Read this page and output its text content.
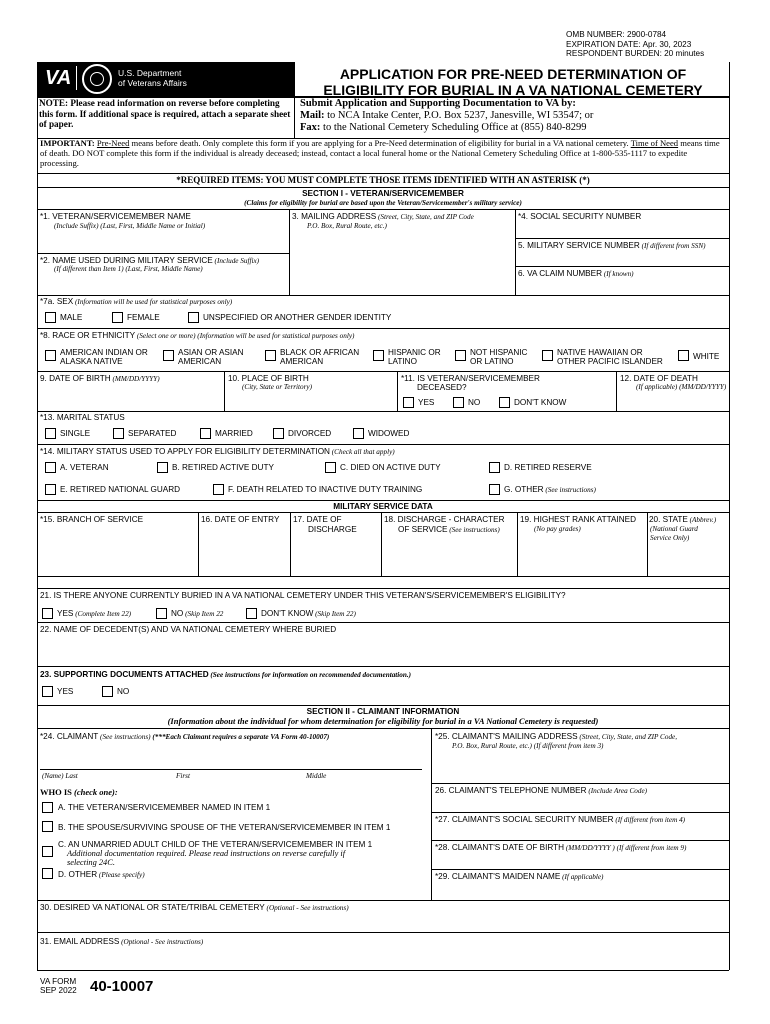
OMB NUMBER: 2900-0784
EXPIRATION DATE: Apr. 30, 2023
RESPONDENT BURDEN: 20 minutes
VA	U.S. Department
of Veterans Affairs
APPLICATION FOR PRE-NEED DETERMINATION OF
ELIGIBILITY FOR BURIAL IN A VA NATIONAL CEMETERY
NOTE: Please read information on reverse before completing this form. If additional space is required, attach a separate sheet of paper.
Submit Application and Supporting Documentation to VA by:
Mail: to NCA Intake Center, P.O. Box 5237, Janesville, WI 53547; or
Fax: to the National Cemetery Scheduling Office at (855) 840-8299
IMPORTANT: Pre-Need means before death. Only complete this form if you are applying for a Pre-Need determination of eligibility for burial in a VA national cemetery. Time of Need means time of death. DO NOT complete this form if the individual is already deceased; instead, contact a local funeral home or the National Cemetery Scheduling Office at 1-800-535-1117 to expedite processing.
*REQUIRED ITEMS: YOU MUST COMPLETE THOSE ITEMS IDENTIFIED WITH AN ASTERISK (*)
SECTION I - VETERAN/SERVICEMEMBER
(Claims for eligibility for burial are based upon the Veteran/Servicemember's military service)
*1. VETERAN/SERVICEMEMBER NAME
(Include Suffix) (Last, First, Middle Name or Initial)
3. MAILING ADDRESS (Street, City, State, and ZIP Code
P.O. Box, Rural Route, etc.)
*4. SOCIAL SECURITY NUMBER
5. MILITARY SERVICE NUMBER (If different from SSN)
*2. NAME USED DURING MILITARY SERVICE (Include Suffix)
(If different than Item 1) (Last, First, Middle Name)	6. VA CLAIM NUMBER (If known)
*7a. SEX (Information will be used for statistical purposes only)
MALE	FEMALE	UNSPECIFIED OR ANOTHER GENDER IDENTITY
*8. RACE OR ETHNICITY (Select one or more) (Information will be used for statistical purposes only)
AMERICAN INDIAN OR
ALASKA NATIVE
ASIAN OR ASIAN
AMERICAN
BLACK OR AFRICAN
AMERICAN
HISPANIC OR
LATINO
NOT HISPANIC
OR LATINO
NATIVE HAWAIIAN OR
OTHER PACIFIC ISLANDER
WHITE
9. DATE OF BIRTH (MM/DD/YYYY)	10. PLACE OF BIRTH
(City, State or Territory)
*11. IS VETERAN/SERVICEMEMBER
DECEASED?
YES	NO	DON'T KNOW
12. DATE OF DEATH
(If applicable) (MM/DD/YYYY)
*13. MARITAL STATUS
SINGLE	SEPARATED	MARRIED	DIVORCED	WIDOWED
*14. MILITARY STATUS USED TO APPLY FOR ELIGIBILITY DETERMINATION (Check all that apply)
A. VETERAN	B. RETIRED ACTIVE DUTY	C. DIED ON ACTIVE DUTY	D. RETIRED RESERVE
E. RETIRED NATIONAL GUARD	F. DEATH RELATED TO INACTIVE DUTY TRAINING	G. OTHER (See instructions)
MILITARY SERVICE DATA
*15. BRANCH OF SERVICE	16. DATE OF ENTRY 17. DATE OF
DISCHARGE
18. DISCHARGE - CHARACTER
OF SERVICE (See instructions)
19. HIGHEST RANK ATTAINED
(No pay grades)
20. STATE (Abbrev.)
(National Guard
Service Only)
21. IS THERE ANYONE CURRENTLY BURIED IN A VA NATIONAL CEMETERY UNDER THIS VETERAN'S/SERVICEMEMBER'S ELIGIBILITY?
YES (Complete Item 22)	NO (Skip Item 22	DON'T KNOW (Skip Item 22)
22. NAME OF DECEDENT(S) AND VA NATIONAL CEMETERY WHERE BURIED
23. SUPPORTING DOCUMENTS ATTACHED (See instructions for information on recommended documentation.)
YES	NO
SECTION II - CLAIMANT INFORMATION
(Information about the individual for whom determination for eligibility for burial in a VA National Cemetery is requested)
*24. CLAIMANT (See instructions) (***Each Claimant requires a separate VA Form 40-10007)
(Name) Last	First	Middle
WHO IS (check one):
A. THE VETERAN/SERVICEMEMBER NAMED IN ITEM 1
B. THE SPOUSE/SURVIVING SPOUSE OF THE VETERAN/SERVICEMEMBER IN ITEM 1
C. AN UNMARRIED ADULT CHILD OF THE VETERAN/SERVICEMEMBER IN ITEM 1
Additional documentation required. Please read instructions on reverse carefully if
selecting 24C.
D. OTHER (Please specify)
*25. CLAIMANT'S MAILING ADDRESS (Street, City, State, and ZIP Code,
P.O. Box, Rural Route, etc.) (If different from item 3)
26. CLAIMANT'S TELEPHONE NUMBER (Include Area Code)
*27. CLAIMANT'S SOCIAL SECURITY NUMBER (If different from item 4)
*28. CLAIMANT'S DATE OF BIRTH (MM/DD/YYYY ) (If different from item 9)
*29. CLAIMANT'S MAIDEN NAME (If applicable)
30. DESIRED VA NATIONAL OR STATE/TRIBAL CEMETERY (Optional - See instructions)
31. EMAIL ADDRESS (Optional - See instructions)
VA FORM
SEP 2022 40-10007
